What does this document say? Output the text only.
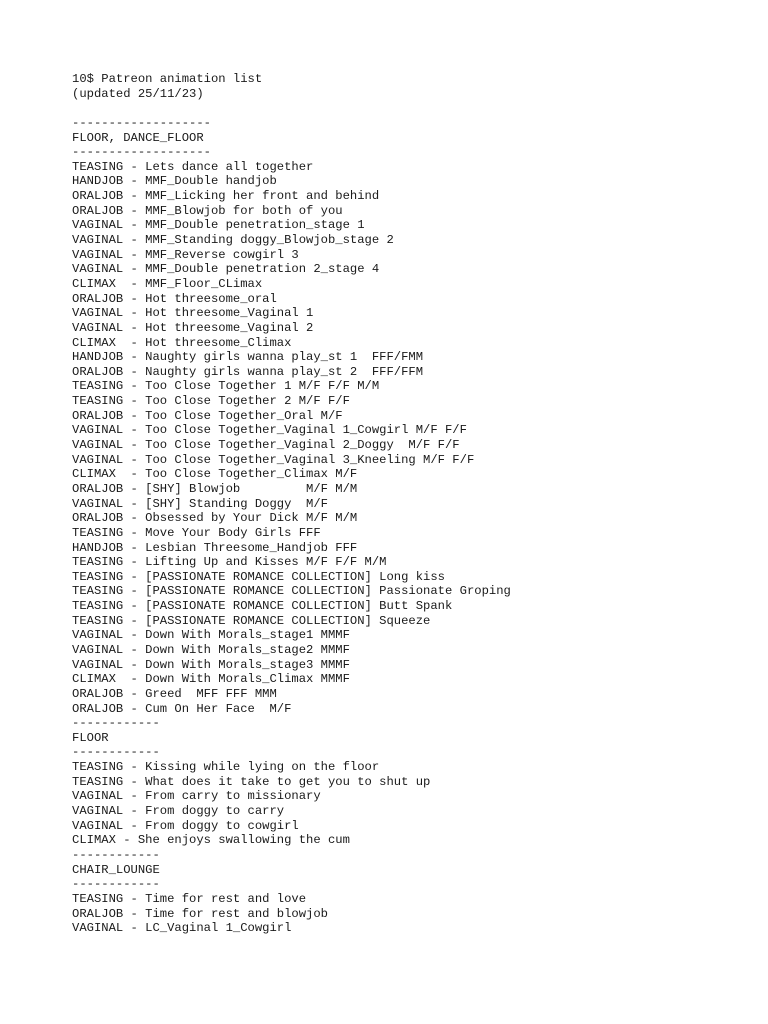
10$ Patreon animation list
(updated 25/11/23)
-------------------
FLOOR, DANCE_FLOOR
-------------------
TEASING - Lets dance all together
HANDJOB - MMF_Double handjob
ORALJOB - MMF_Licking her front and behind
ORALJOB - MMF_Blowjob for both of you
VAGINAL - MMF_Double penetration_stage 1
VAGINAL - MMF_Standing doggy_Blowjob_stage 2
VAGINAL - MMF_Reverse cowgirl 3
VAGINAL - MMF_Double penetration 2_stage 4
CLIMAX  - MMF_Floor_CLimax
ORALJOB - Hot threesome_oral
VAGINAL - Hot threesome_Vaginal 1
VAGINAL - Hot threesome_Vaginal 2
CLIMAX  - Hot threesome_Climax
HANDJOB - Naughty girls wanna play_st 1  FFF/FMM
ORALJOB - Naughty girls wanna play_st 2  FFF/FFM
TEASING - Too Close Together 1 M/F F/F M/M
TEASING - Too Close Together 2 M/F F/F
ORALJOB - Too Close Together_Oral M/F
VAGINAL - Too Close Together_Vaginal 1_Cowgirl M/F F/F
VAGINAL - Too Close Together_Vaginal 2_Doggy  M/F F/F
VAGINAL - Too Close Together_Vaginal 3_Kneeling M/F F/F
CLIMAX  - Too Close Together_Climax M/F
ORALJOB - [SHY] Blowjob         M/F M/M
VAGINAL - [SHY] Standing Doggy  M/F
ORALJOB - Obsessed by Your Dick M/F M/M
TEASING - Move Your Body Girls FFF
HANDJOB - Lesbian Threesome_Handjob FFF
TEASING - Lifting Up and Kisses M/F F/F M/M
TEASING - [PASSIONATE ROMANCE COLLECTION] Long kiss
TEASING - [PASSIONATE ROMANCE COLLECTION] Passionate Groping
TEASING - [PASSIONATE ROMANCE COLLECTION] Butt Spank
TEASING - [PASSIONATE ROMANCE COLLECTION] Squeeze
VAGINAL - Down With Morals_stage1 MMMF
VAGINAL - Down With Morals_stage2 MMMF
VAGINAL - Down With Morals_stage3 MMMF
CLIMAX  - Down With Morals_Climax MMMF
ORALJOB - Greed  MFF FFF MMM
ORALJOB - Cum On Her Face  M/F
------------
FLOOR
------------
TEASING - Kissing while lying on the floor
TEASING - What does it take to get you to shut up
VAGINAL - From carry to missionary
VAGINAL - From doggy to carry
VAGINAL - From doggy to cowgirl
CLIMAX - She enjoys swallowing the cum
------------
CHAIR_LOUNGE
------------
TEASING - Time for rest and love
ORALJOB - Time for rest and blowjob
VAGINAL - LC_Vaginal 1_Cowgirl
